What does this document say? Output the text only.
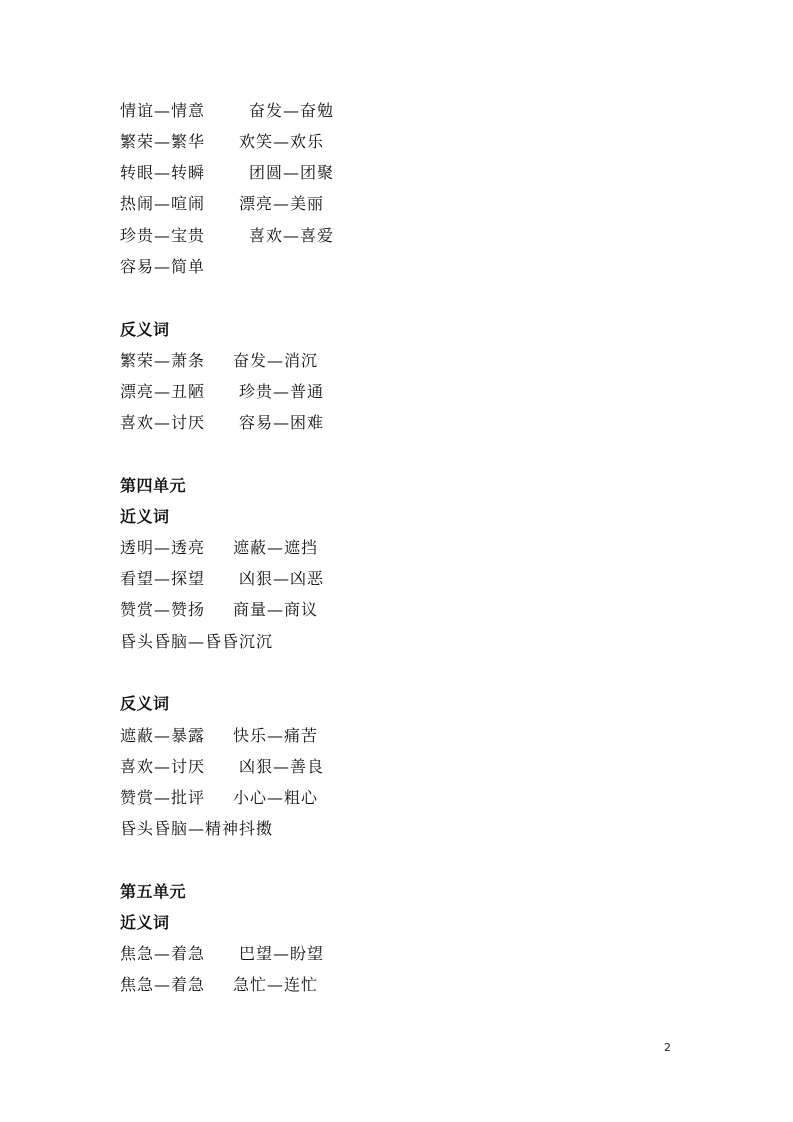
情谊—情意	奋发—奋勉
繁荣—繁华 欢笑—欢乐
转眼—转瞬	团圆—团聚
热闹—喧闹 漂亮—美丽
珍贵—宝贵	喜欢—喜爱
容易—简单
反义词
繁荣—萧条 奋发—消沉
漂亮—丑陋 珍贵—普通
喜欢—讨厌 容易—困难
第四单元
近义词
透明—透亮 遮蔽—遮挡
看望—探望 凶狠—凶恶
赞赏—赞扬 商量—商议
昏头昏脑—昏昏沉沉
反义词
遮蔽—暴露 快乐—痛苦
喜欢—讨厌 凶狠—善良
赞赏—批评 小心—粗心
昏头昏脑—精神抖擞
第五单元
近义词
焦急—着急 巴望—盼望
焦急—着急 急忙—连忙
2
